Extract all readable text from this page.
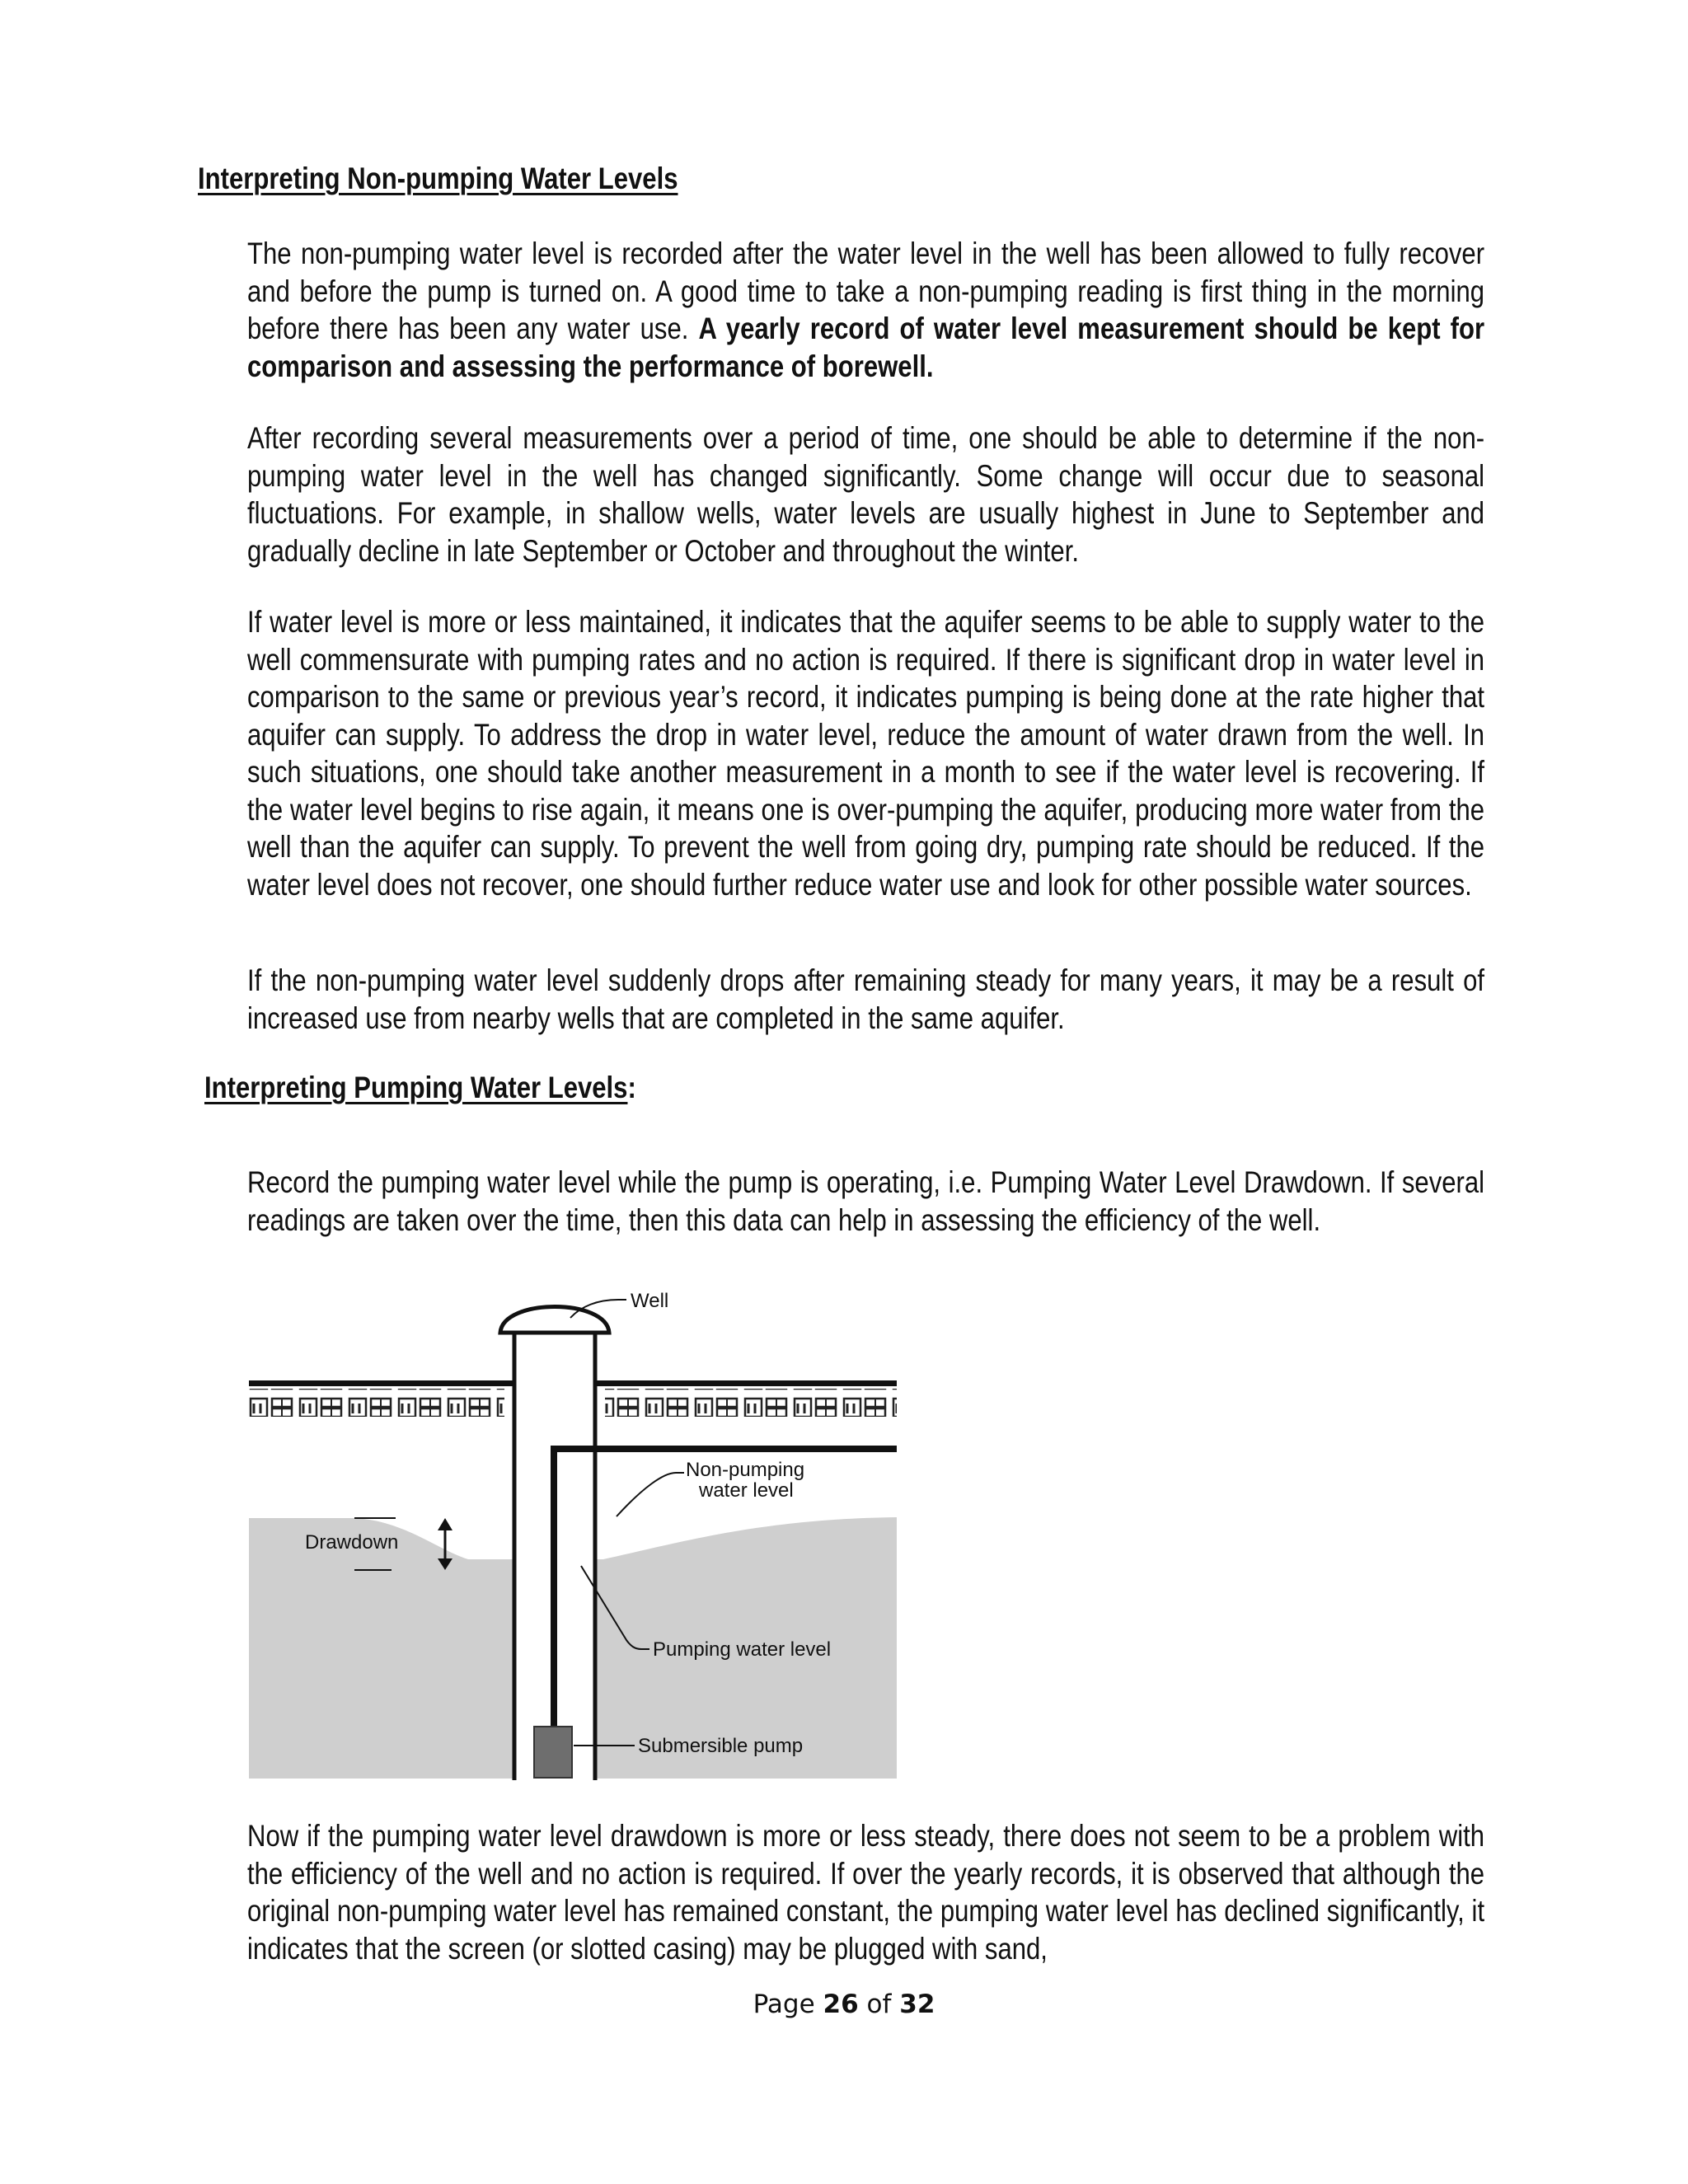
Interpreting Non-pumping Water Levels

The non-pumping water level is recorded after the water level in the well has been allowed to fully recover and before the pump is turned on. A good time to take a non-pumping reading is first thing in the morning before there has been any water use. A yearly record of water level measurement should be kept for comparison and assessing the performance of borewell.

After recording several measurements over a period of time, one should be able to determine if the non-pumping water level in the well has changed significantly. Some change will occur due to seasonal fluctuations. For example, in shallow wells, water levels are usually highest in June to September and gradually decline in late September or October and throughout the winter.

If water level is more or less maintained, it indicates that the aquifer seems to be able to supply water to the well commensurate with pumping rates and no action is required. If there is significant drop in water level in comparison to the same or previous year’s record, it indicates pumping is being done at the rate higher that aquifer can supply. To address the drop in water level, reduce the amount of water drawn from the well. In such situations, one should take another measurement in a month to see if the water level is recovering. If the water level begins to rise again, it means one is over-pumping the aquifer, producing more water from the well than the aquifer can supply. To prevent the well from going dry, pumping rate should be reduced. If the water level does not recover, one should further reduce water use and look for other possible water sources.

If the non-pumping water level suddenly drops after remaining steady for many years, it may be a result of increased use from nearby wells that are completed in the same aquifer.

Interpreting Pumping Water Levels:

Record the pumping water level while the pump is operating, i.e. Pumping Water Level Drawdown. If several readings are taken over the time, then this data can help in assessing the efficiency of the well.

Drawdown
Well
Non-pumping
water level
Pumping water level
Submersible pump

Now if the pumping water level drawdown is more or less steady, there does not seem to be a problem with the efficiency of the well and no action is required. If over the yearly records, it is observed that although the original non-pumping water level has remained constant, the pumping water level has declined significantly, it indicates that the screen (or slotted casing) may be plugged with sand,

Page 26 of 32
